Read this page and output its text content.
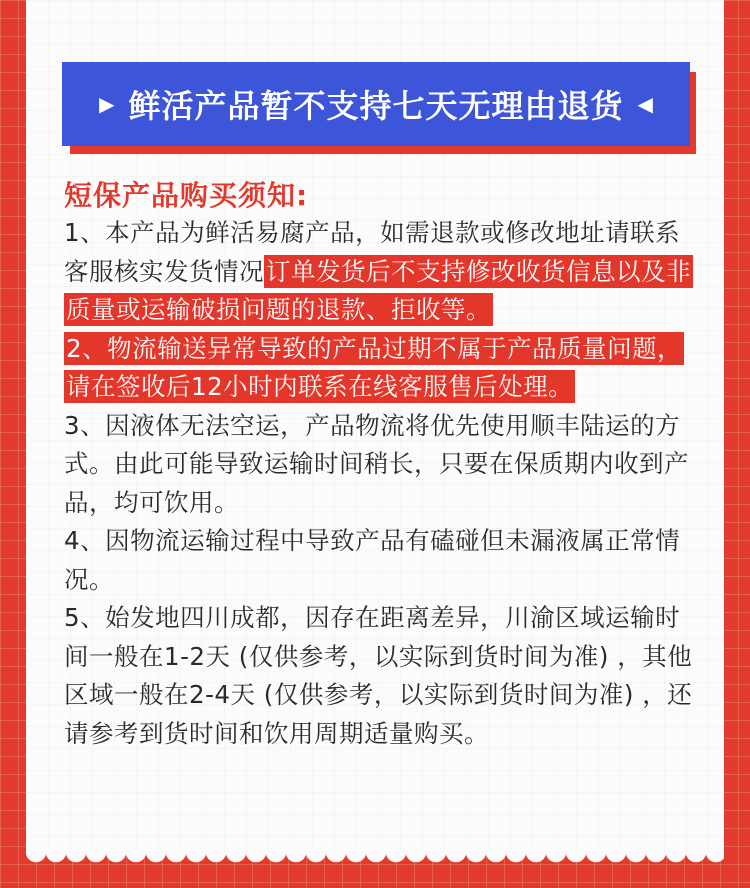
▶ 鲜活产品暂不支持七天无理由退货 ◀
短保产品购买须知:

1、本产品为鲜活易腐产品，如需退款或修改地址请联系客服核实发货情况订单发货后不支持修改收货信息以及非质量或运输破损问题的退款、拒收等。

2、物流输送异常导致的产品过期不属于产品质量问题，请在签收后12小时内联系在线客服售后处理。

3、因液体无法空运，产品物流将优先使用顺丰陆运的方式。由此可能导致运输时间稍长，只要在保质期内收到产品，均可饮用。

4、因物流运输过程中导致产品有磕碰但未漏液属正常情况。

5、始发地四川成都，因存在距离差异，川渝区域运输时间一般在1-2天 (仅供参考，以实际到货时间为准) ，其他区域一般在2-4天 (仅供参考，以实际到货时间为准) ，还请参考到货时间和饮用周期适量购买。
